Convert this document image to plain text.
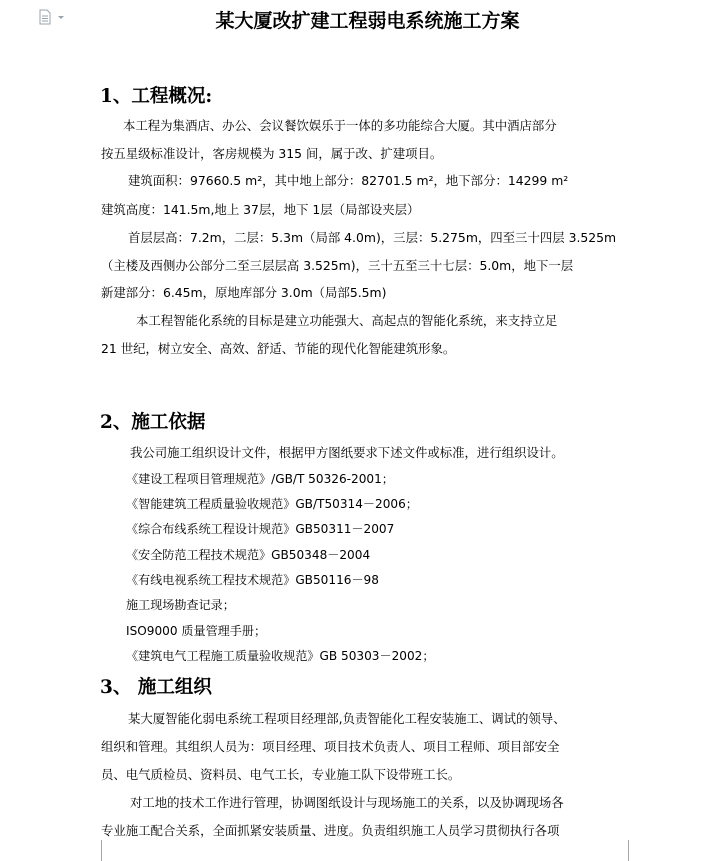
某大厦改扩建工程弱电系统施工方案
1、工程概况:
本工程为集酒店、办公、会议餐饮娱乐于一体的多功能综合大厦。其中酒店部分
按五星级标准设计，客房规模为 315 间，属于改、扩建项目。
建筑面积：97660.5 m²，其中地上部分：82701.5 m²，地下部分：14299 m²
建筑高度：141.5m,地上 37层，地下 1层（局部设夹层）
首层层高：7.2m，二层：5.3m（局部 4.0m)，三层：5.275m，四至三十四层 3.525m
（主楼及西侧办公部分二至三层层高 3.525m)，三十五至三十七层：5.0m，地下一层
新建部分：6.45m，原地库部分 3.0m（局部5.5m)
本工程智能化系统的目标是建立功能强大、高起点的智能化系统，来支持立足
21 世纪，树立安全、高效、舒适、节能的现代化智能建筑形象。
2、施工依据
我公司施工组织设计文件，根据甲方图纸要求下述文件或标准，进行组织设计。
《建设工程项目管理规范》/GB/T 50326-2001；
《智能建筑工程质量验收规范》GB/T50314－2006；
《综合布线系统工程设计规范》GB50311－2007
《安全防范工程技术规范》GB50348－2004
《有线电视系统工程技术规范》GB50116－98
施工现场勘查记录；
ISO9000 质量管理手册；
《建筑电气工程施工质量验收规范》GB 50303－2002；
3、 施工组织
某大厦智能化弱电系统工程项目经理部,负责智能化工程安装施工、调试的领导、
组织和管理。其组织人员为：项目经理、项目技术负责人、项目工程师、项目部安全
员、电气质检员、资料员、电气工长，专业施工队下设带班工长。
对工地的技术工作进行管理，协调图纸设计与现场施工的关系，以及协调现场各
专业施工配合关系，全面抓紧安装质量、进度。负责组织施工人员学习贯彻执行各项
